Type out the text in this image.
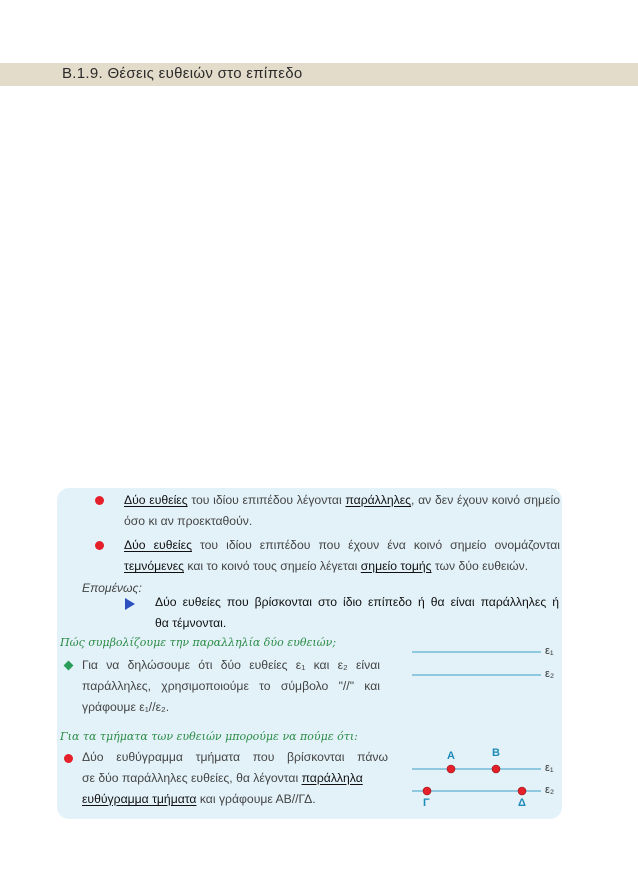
B.1.9. Θέσεις ευθειών στο επίπεδο
Δύο ευθείες του ιδίου επιπέδου λέγονται παράλληλες, αν δεν έχουν κοινό σημείο
όσο κι αν προεκταθούν.
Δύο ευθείες του ιδίου επιπέδου που έχουν ένα κοινό σημείο ονομάζονται
τεμνόμενες και το κοινό τους σημείο λέγεται σημείο τομής των δύο ευθειών.
Επομένως:
Δύο ευθείες που βρίσκονται στο ίδιο επίπεδο ή θα είναι παράλληλες ή
θα τέμνονται.
Πώς συμβολίζουμε την παραλληλία δύο ευθειών;
Για να δηλώσουμε ότι δύο ευθείες ε₁ και ε₂ είναι
παράλληλες, χρησιμοποιούμε το σύμβολο "//" και
γράφουμε ε₁//ε₂.
Για τα τμήματα των ευθειών μπορούμε να πούμε ότι:
Δύο ευθύγραμμα τμήματα που βρίσκονται πάνω
σε δύο παράλληλες ευθείες, θα λέγονται παράλληλα
ευθύγραμμα τμήματα και γράφουμε ΑΒ//ΓΔ.
ε₁
ε₂
ε₁
ε₂
Α	Β
Γ	Δ
